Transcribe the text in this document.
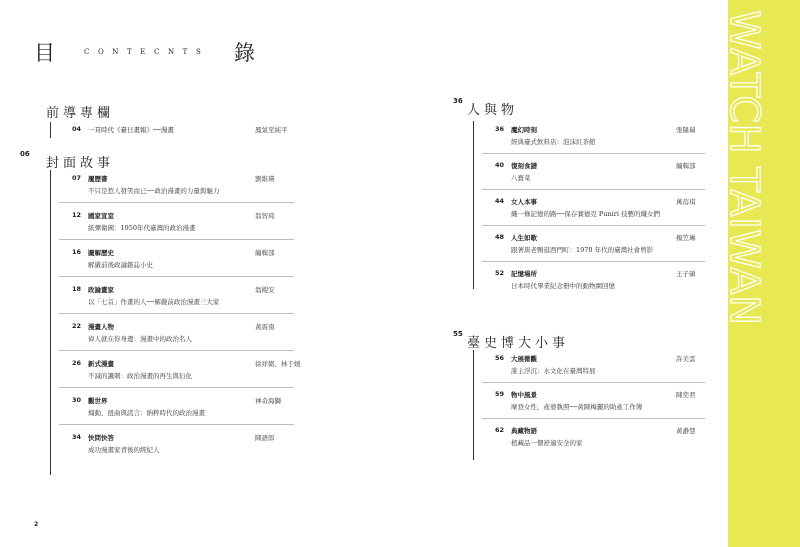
目	CONTECNTS 錄
前導專欄
04 一頁時代《臺日畫報》──漫畫	鳳氣至純平
06
封面故事
07 履歷書
不只是惹人發笑而已──政治漫畫的力量與魅力
劉維瑛
12 國家宣室
紙彈衛國：1950年代臺灣的政治漫畫
翁智琦
16 圖解歷史
解嚴前後政論雜誌小史
編輯部
18 政論畫家
以「七首」作畫的人──解嚴前政治漫畫三大家
翁稷安
22 漫畫人物
偉人就在你身邊：漫畫中的政治名人
黃震南
26 新式漫畫
不減的諷刺：政治漫畫的再生與衍化
徐祥弼、林于媛
30 觀世界
煽動、扭曲與謊言：納粹時代的政治漫畫
神奇海獅
34 快問快答
成功漫畫家背後的經紀人
陳語郎
36
人與物
36 魔幻時刻
經典臺式飲料店：泡沫紅茶館
張隆瑞
40 復刻食譜
八寶菜
編輯部
44 女人本事
織一條記憶的路──保存賽德克 Puniri 技藝的織女們
萬蓓琪
48 人生如歌
跟著唐老鴨逛西門町：1970 年代的臺灣社會剪影
楊笠琳
52 記憶場所
日本時代畢業紀念冊中的動物園回憶
王子碩
55
臺史博大小事
56 大展微觀
誰主浮沉：水文化在臺灣特展
許美雲
59 物中風景
摩登女性，產婆執照──黃陳梅麗的助產工作簿
陳奕君
62 典藏物語
植藏品一個舒適安全的家
黃瀞慧
2
WATCH TAIWAN
